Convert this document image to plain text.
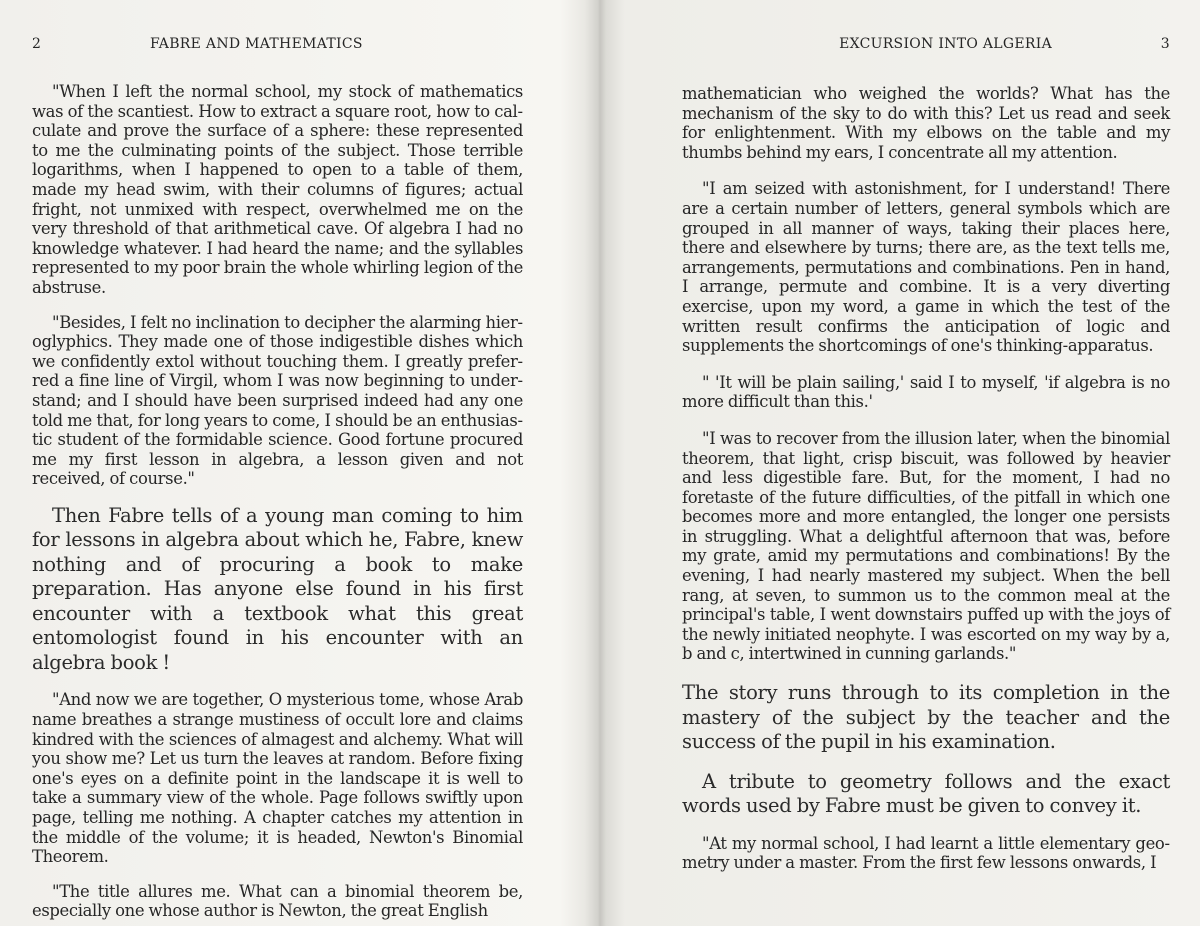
2	FABRE AND MATHEMATICS

"When I left the normal school, my stock of mathematics was of the scantiest. How to extract a square root, how to calculate and prove the surface of a sphere: these represented to me the culminating points of the subject. Those terrible logarithms, when I happened to open to a table of them, made my head swim, with their columns of figures; actual fright, not unmixed with respect, overwhelmed me on the very threshold of that arithmetical cave. Of algebra I had no knowledge whatever. I had heard the name; and the syllables represented to my poor brain the whole whirling legion of the abstruse.

"Besides, I felt no inclination to decipher the alarming hieroglyphics. They made one of those indigestible dishes which we confidently extol without touching them. I greatly preferred a fine line of Virgil, whom I was now beginning to understand; and I should have been surprised indeed had any one told me that, for long years to come, I should be an enthusiastic student of the formidable science. Good fortune procured me my first lesson in algebra, a lesson given and not received, of course."

Then Fabre tells of a young man coming to him for lessons in algebra about which he, Fabre, knew nothing and of procuring a book to make preparation. Has anyone else found in his first encounter with a textbook what this great entomologist found in his encounter with an algebra book !

"And now we are together, O mysterious tome, whose Arab name breathes a strange mustiness of occult lore and claims kindred with the sciences of almagest and alchemy. What will you show me? Let us turn the leaves at random. Before fixing one's eyes on a definite point in the landscape it is well to take a summary view of the whole. Page follows swiftly upon page, telling me nothing. A chapter catches my attention in the middle of the volume; it is headed, Newton's Binomial Theorem.

"The title allures me. What can a binomial theorem be, especially one whose author is Newton, the great English

EXCURSION INTO ALGERIA	3

mathematician who weighed the worlds? What has the mechanism of the sky to do with this? Let us read and seek for enlightenment. With my elbows on the table and my thumbs behind my ears, I concentrate all my attention.

"I am seized with astonishment, for I understand! There are a certain number of letters, general symbols which are grouped in all manner of ways, taking their places here, there and elsewhere by turns; there are, as the text tells me, arrangements, permutations and combinations. Pen in hand, I arrange, permute and combine. It is a very diverting exercise, upon my word, a game in which the test of the written result confirms the anticipation of logic and supplements the shortcomings of one's thinking-apparatus.

" 'It will be plain sailing,' said I to myself, 'if algebra is no more difficult than this.'

"I was to recover from the illusion later, when the binomial theorem, that light, crisp biscuit, was followed by heavier and less digestible fare. But, for the moment, I had no foretaste of the future difficulties, of the pitfall in which one becomes more and more entangled, the longer one persists in struggling. What a delightful afternoon that was, before my grate, amid my permutations and combinations! By the evening, I had nearly mastered my subject. When the bell rang, at seven, to summon us to the common meal at the principal's table, I went downstairs puffed up with the joys of the newly initiated neophyte. I was escorted on my way by a, b and c, intertwined in cunning garlands."

The story runs through to its completion in the mastery of the subject by the teacher and the success of the pupil in his examination.

A tribute to geometry follows and the exact words used by Fabre must be given to convey it.

"At my normal school, I had learnt a little elementary geometry under a master. From the first few lessons onwards, I
